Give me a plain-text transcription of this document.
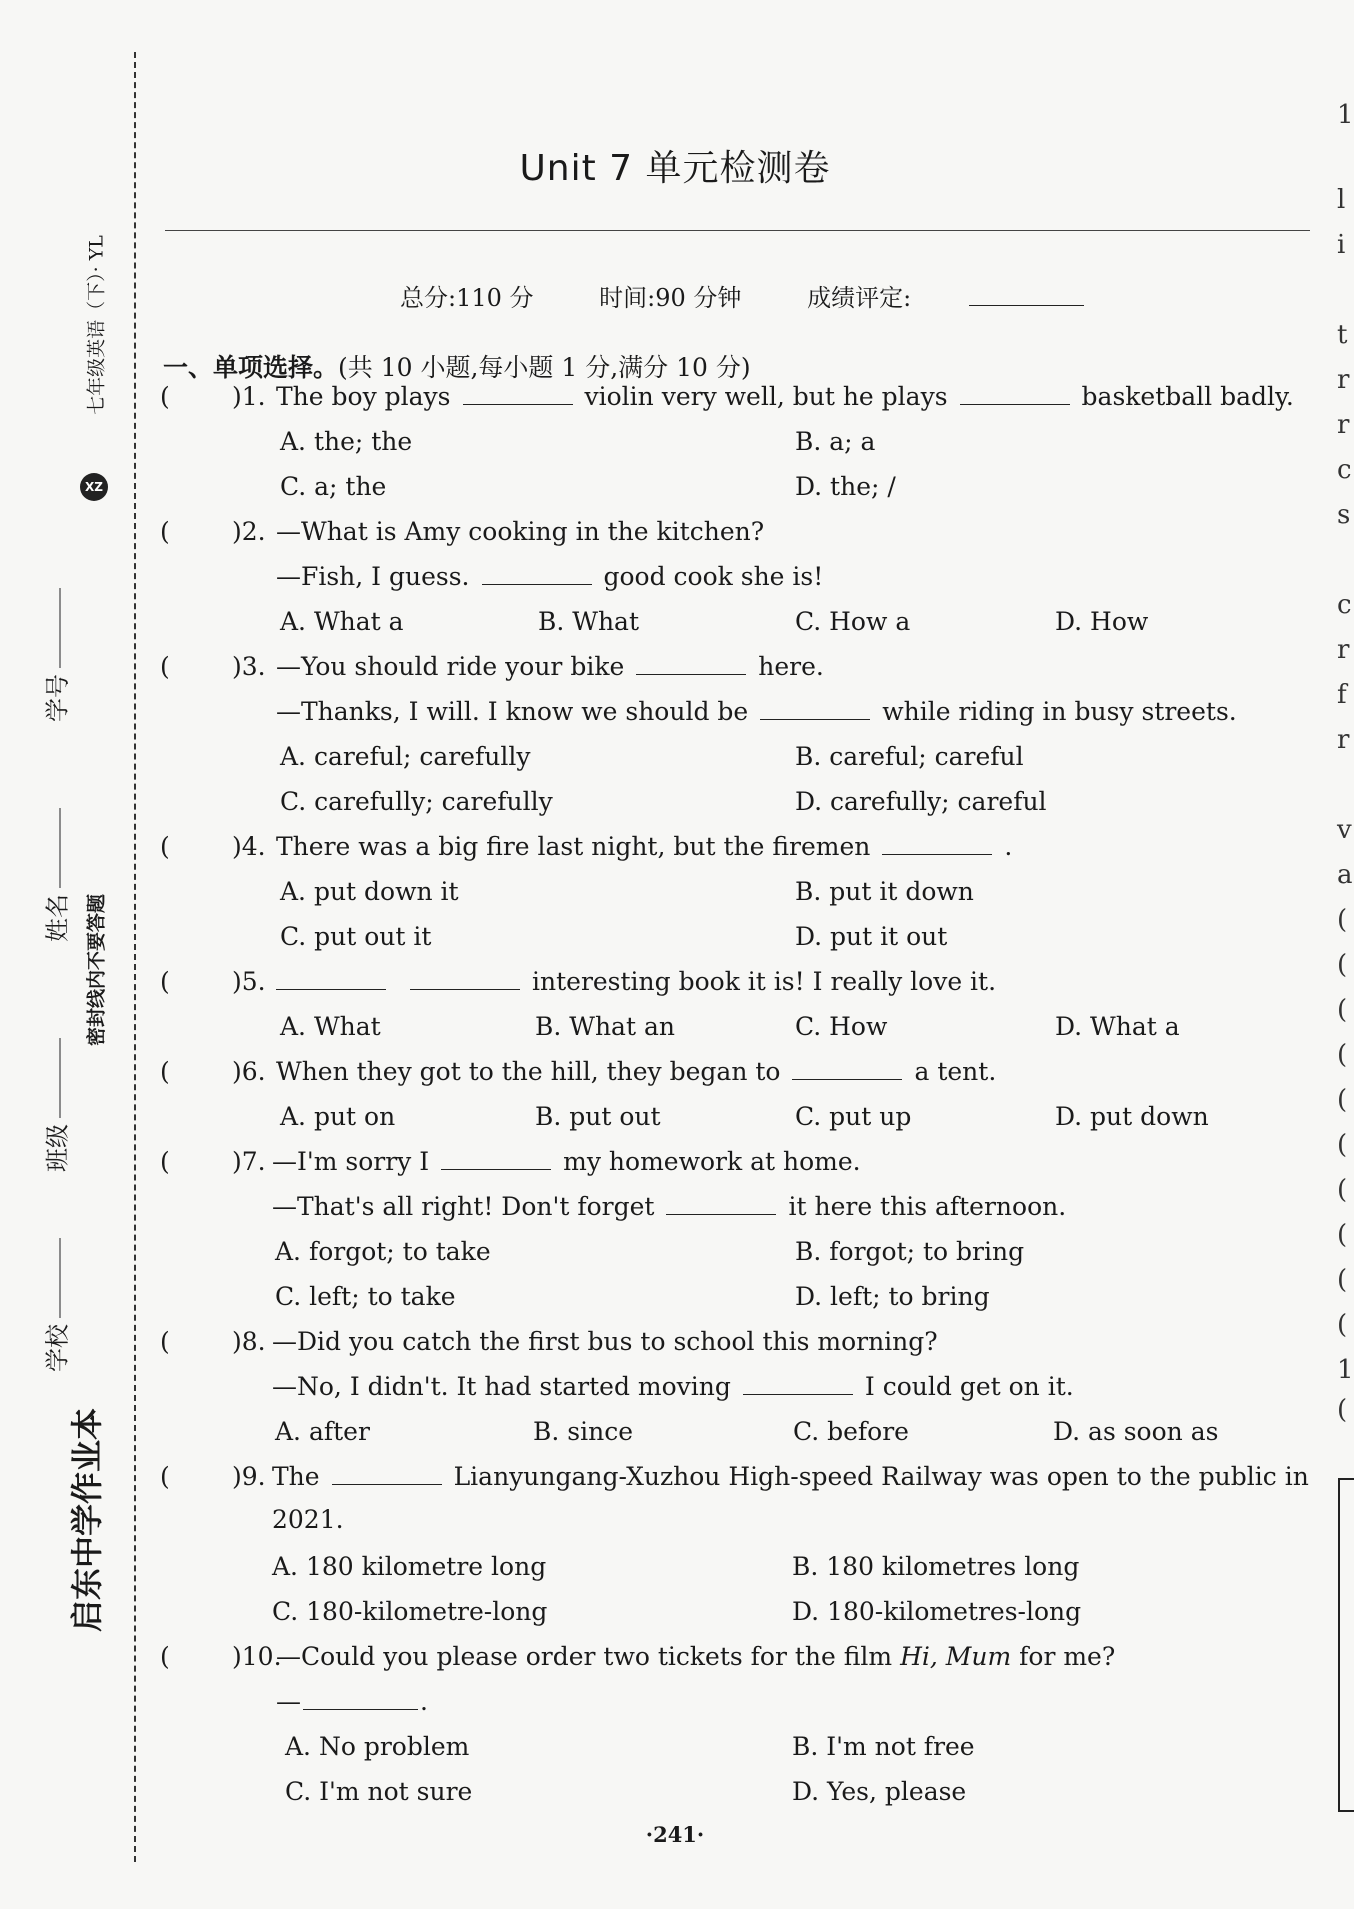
启东中学作业本
学校
班级
姓名
学号
密封线内不要答题
七年级英语（下）· YL
XZ
1
l
i
t
r
r
c
s
c
r
f
r
v
a
(
(
(
(
(
(
(
(
(
(
1
(
Unit 7 单元检测卷
总分:110 分	时间:90 分钟	成绩评定:
一、单项选择。(共 10 小题,每小题 1 分,满分 10 分)
( )1. The boy plays	violin very well, but he plays	basketball badly.
A. the; the	B. a; a
C. a; the	D. the; /
( )2. —What is Amy cooking in the kitchen?
—Fish, I guess.	good cook she is!
A. What a	B. What	C. How a	D. How
( )3. —You should ride your bike	here.
—Thanks, I will. I know we should be	while riding in busy streets.
A. careful; carefully	B. careful; careful
C. carefully; carefully	D. carefully; careful
( )4. There was a big fire last night, but the firemen	.
A. put down it	B. put it down
C. put out it	D. put it out
( )5.	interesting book it is! I really love it.
A. What	B. What an	C. How	D. What a
( )6. When they got to the hill, they began to	a tent.
A. put on	B. put out	C. put up	D. put down
( )7. —I'm sorry I	my homework at home.
—That's all right! Don't forget	it here this afternoon.
A. forgot; to take	B. forgot; to bring
C. left; to take	D. left; to bring
( )8. —Did you catch the first bus to school this morning?
—No, I didn't. It had started moving	I could get on it.
A. after	B. since	C. before	D. as soon as
( )9. The	Lianyungang-Xuzhou High-speed Railway was open to the public in
2021.
A. 180 kilometre long	B. 180 kilometres long
C. 180-kilometre-long	D. 180-kilometres-long
( )10.
—Could you please order two tickets for the film Hi, Mum for me?
—	.
A. No problem	B. I'm not free
C. I'm not sure	D. Yes, please
·241·
